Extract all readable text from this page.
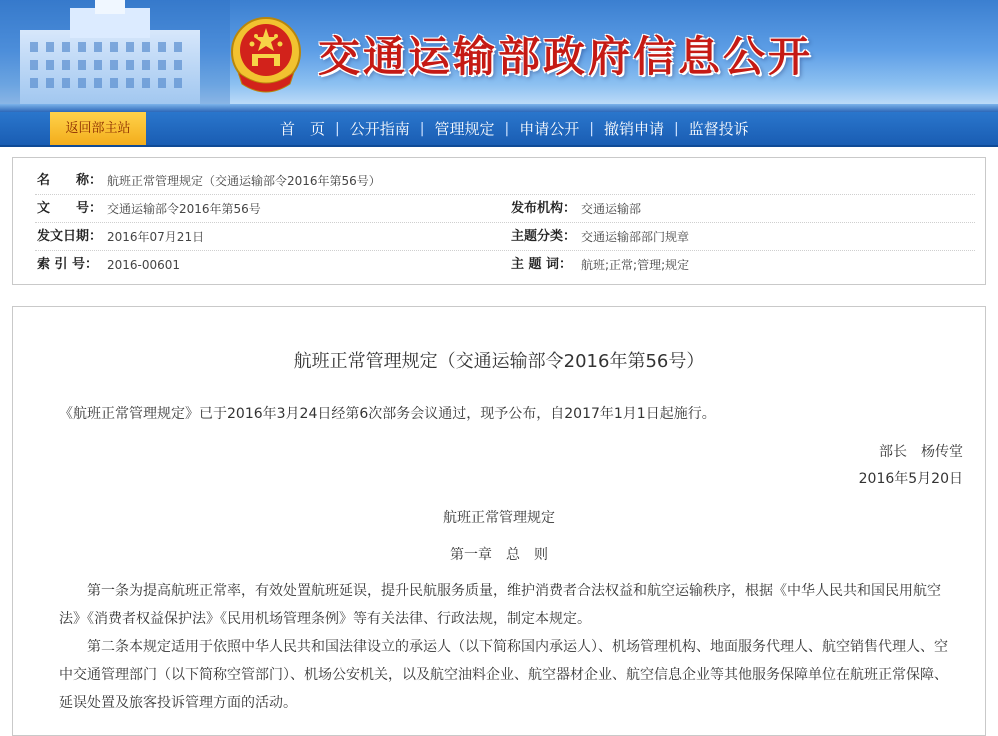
交通运输部政府信息公开
返回部主站	首　页 | 公开指南 | 管理规定 | 申请公开 | 撤销申请 | 监督投诉
名　　称： 航班正常管理规定（交通运输部令2016年第56号）
文　　号： 交通运输部令2016年第56号	发布机构： 交通运输部
发文日期： 2016年07月21日	主题分类： 交通运输部部门规章
索 引 号： 2016-00601	主 题 词： 航班;正常;管理;规定
航班正常管理规定（交通运输部令2016年第56号）
《航班正常管理规定》已于2016年3月24日经第6次部务会议通过，现予公布，自2017年1月1日起施行。
部长　杨传堂
2016年5月20日
航班正常管理规定
第一章　总　则
第一条为提高航班正常率，有效处置航班延误，提升民航服务质量，维护消费者合法权益和航空运输秩序，根据《中华人民共和国民用航空法》《消费者权益保护法》《民用机场管理条例》等有关法律、行政法规，制定本规定。
第二条本规定适用于依照中华人民共和国法律设立的承运人（以下简称国内承运人）、机场管理机构、地面服务代理人、航空销售代理人、空中交通管理部门（以下简称空管部门）、机场公安机关，以及航空油料企业、航空器材企业、航空信息企业等其他服务保障单位在航班正常保障、延误处置及旅客投诉管理方面的活动。
